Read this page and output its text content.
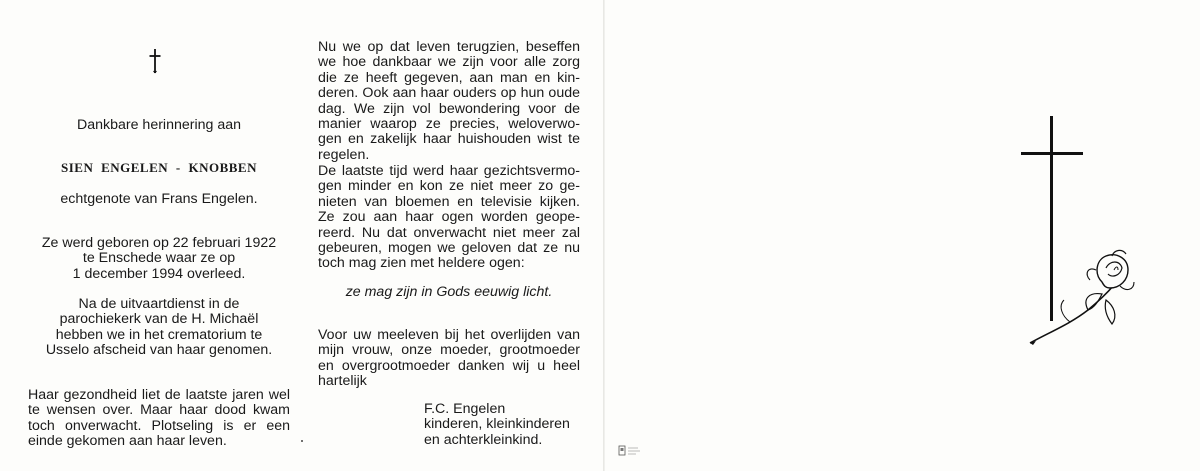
Dankbare herinnering aan
SIEN ENGELEN - KNOBBEN
echtgenote van Frans Engelen.
Ze werd geboren op 22 februari 1922
te Enschede waar ze op
1 december 1994 overleed.
Na de uitvaartdienst in de
parochiekerk van de H. Michaël
hebben we in het crematorium te
Usselo afscheid van haar genomen.
Haar gezondheid liet de laatste jaren wel
te wensen over. Maar haar dood kwam
toch onverwacht. Plotseling is er een
einde gekomen aan haar leven.
Nu we op dat leven terugzien, beseffen
we hoe dankbaar we zijn voor alle zorg
die ze heeft gegeven, aan man en kin-
deren. Ook aan haar ouders op hun oude
dag. We zijn vol bewondering voor de
manier waarop ze precies, weloverwo-
gen en zakelijk haar huishouden wist te
regelen.
De laatste tijd werd haar gezichtsvermo-
gen minder en kon ze niet meer zo ge-
nieten van bloemen en televisie kijken.
Ze zou aan haar ogen worden geope-
reerd. Nu dat onverwacht niet meer zal
gebeuren, mogen we geloven dat ze nu
toch mag zien met heldere ogen:
ze mag zijn in Gods eeuwig licht.
Voor uw meeleven bij het overlijden van
mijn vrouw, onze moeder, grootmoeder
en overgrootmoeder danken wij u heel
hartelijk
F.C. Engelen
kinderen, kleinkinderen
en achterkleinkind.
